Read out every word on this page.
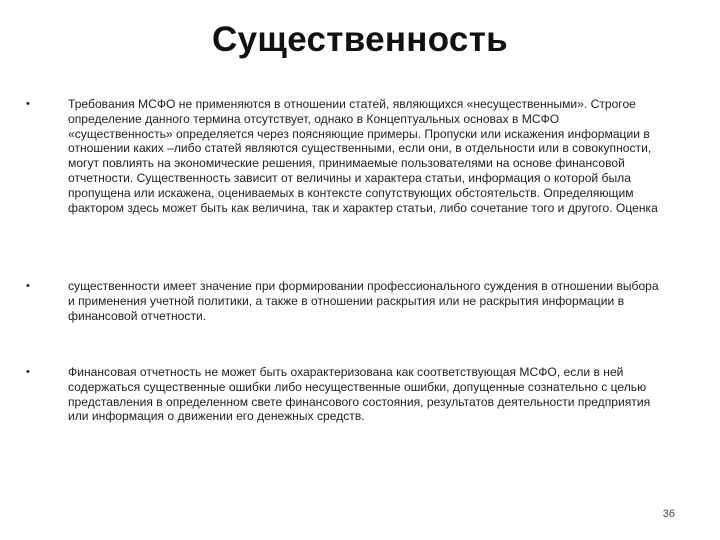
Существенность
•	Требования МСФО не применяются в отношении статей, являющихся «несущественными». Строгое определение данного термина отсутствует, однако в Концептуальных основах в МСФО «существенность» определяется через поясняющие примеры. Пропуски или искажения информации в отношении каких –либо статей являются существенными, если они, в отдельности или в совокупности, могут повлиять на экономические решения, принимаемые пользователями на основе финансовой отчетности. Существенность зависит от величины и характера статьи, информация о которой была пропущена или искажена, оцениваемых в контексте сопутствующих обстоятельств. Определяющим фактором здесь может быть как величина, так и характер статьи, либо сочетание того и другого. Оценка
•	существенности имеет значение при формировании профессионального суждения в отношении выбора и применения учетной политики, а также в отношении раскрытия или не раскрытия информации в финансовой отчетности.
•	Финансовая отчетность не может быть охарактеризована как соответствующая МСФО, если в ней содержаться существенные ошибки либо несущественные ошибки, допущенные сознательно с целью представления в определенном свете финансового состояния, результатов деятельности предприятия или информация о движении его денежных средств.
36
